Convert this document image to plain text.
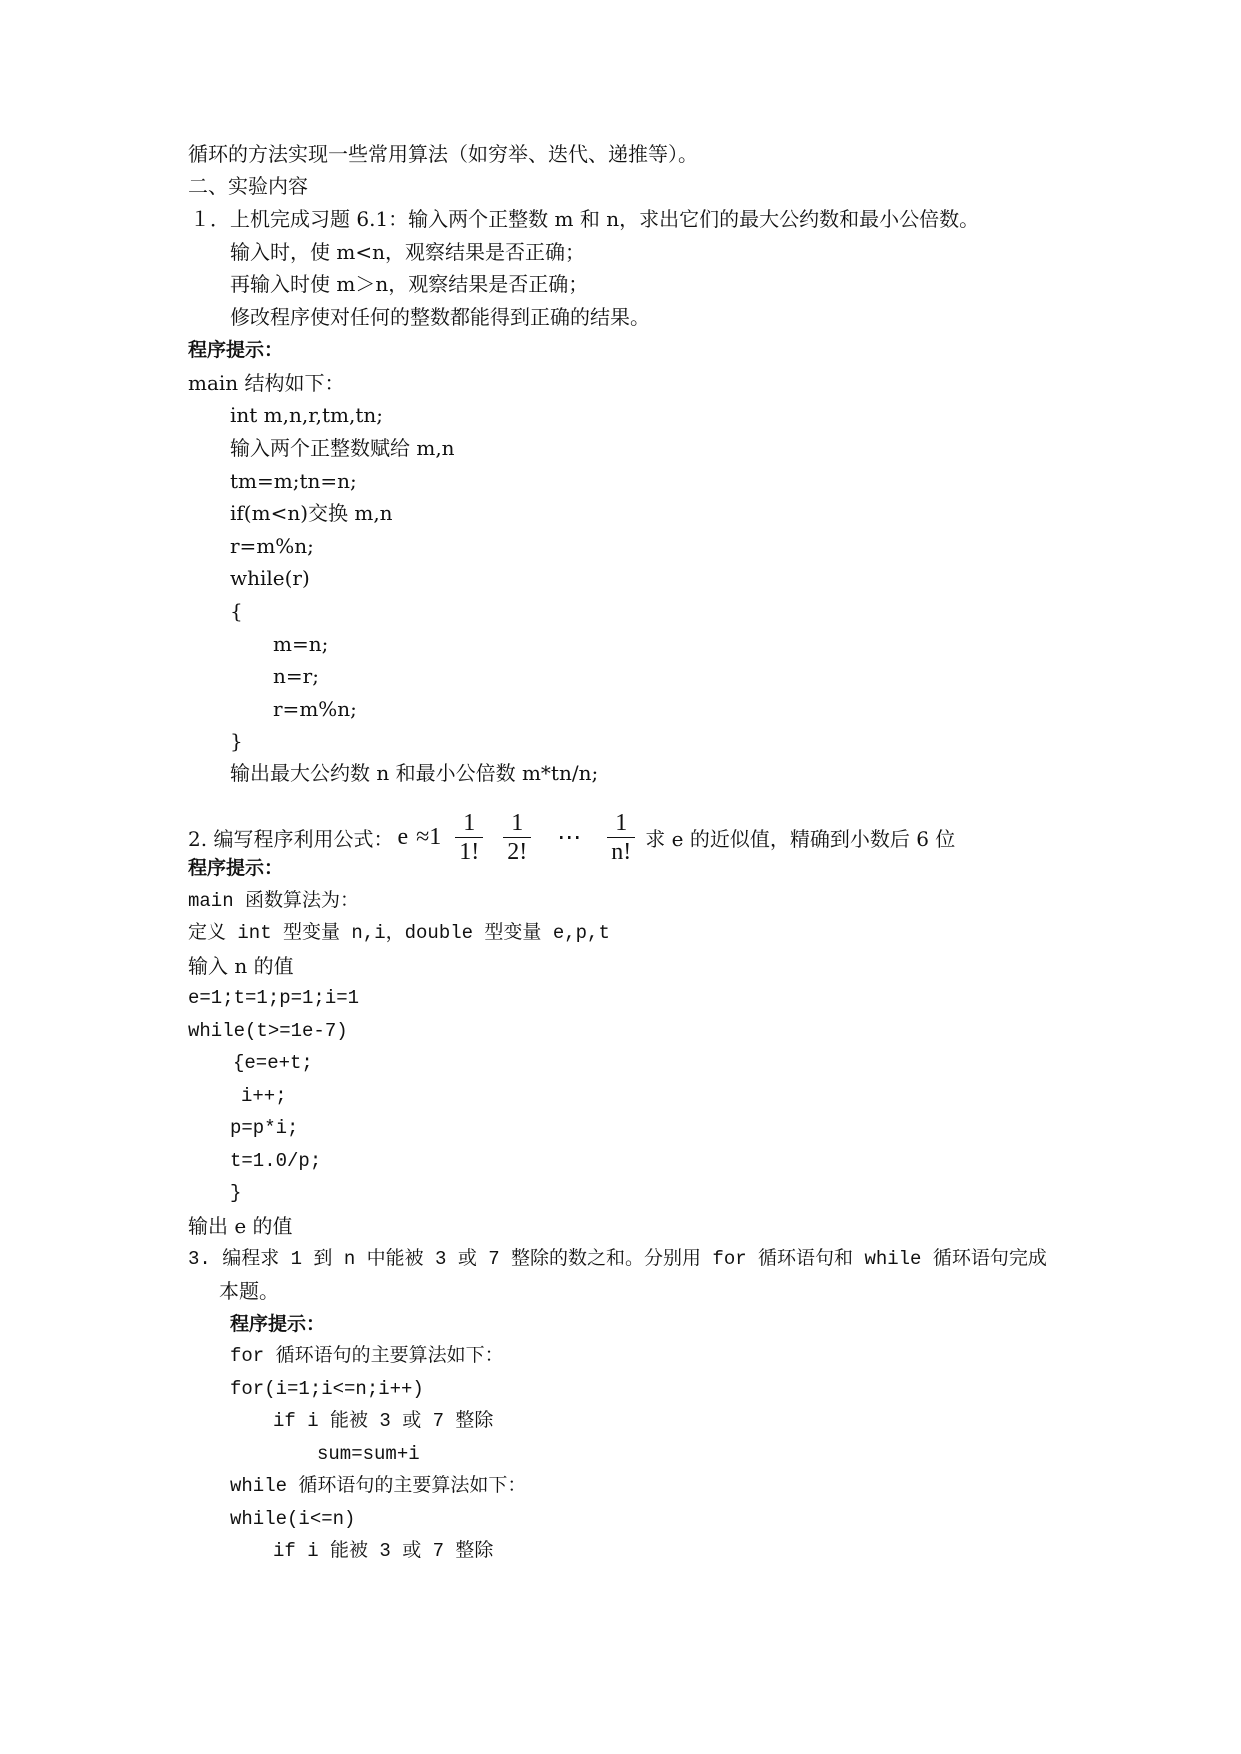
循环的方法实现一些常用算法（如穷举、迭代、递推等）。
二、实验内容
１．上机完成习题 6.1：输入两个正整数 m 和 n，求出它们的最大公约数和最小公倍数。
输入时，使 m<n，观察结果是否正确；
再输入时使 m＞n，观察结果是否正确；
修改程序使对任何的整数都能得到正确的结果。
程序提示：
main 结构如下：
int m,n,r,tm,tn;
输入两个正整数赋给 m,n
tm=m;tn=n;
if(m<n)交换 m,n
r=m%n;
while(r)
{
m=n;
n=r;
r=m%n;
}
输出最大公约数 n 和最小公倍数 m*tn/n;
程序提示：
main 函数算法为：
定义 int 型变量 n,i，double 型变量 e,p,t
输入 n 的值
e=1;t=1;p=1;i=1
while(t>=1e-7)
{e=e+t;
i++;
p=p*i;
t=1.0/p;
}
输出 e 的值
3. 编程求 1 到 n 中能被 3 或 7 整除的数之和。分别用 for 循环语句和 while 循环语句完成
本题。
程序提示：
for 循环语句的主要算法如下：
for(i=1;i<=n;i++)
if i 能被 3 或 7 整除
sum=sum+i
while 循环语句的主要算法如下：
while(i<=n)
if i 能被 3 或 7 整除
2. 编写程序利用公式： $e \approx 1 \frac{1}{1!} \frac{1}{2!}$ ⋯ $\frac{1}{n!}$ 求 e 的近似值，精确到小数后 6 位
